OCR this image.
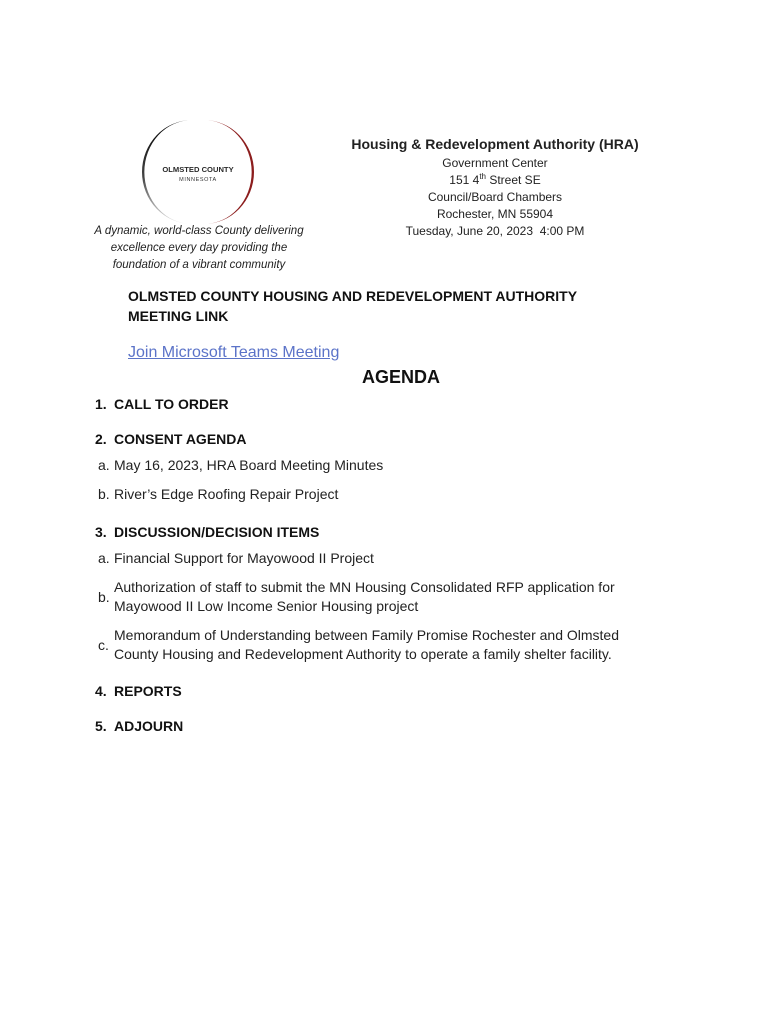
OLMSTED COUNTY
MINNESOTA
A dynamic, world-class County delivering
excellence every day providing the
foundation of a vibrant community
Housing & Redevelopment Authority (HRA)
Government Center
151 4th Street SE
Council/Board Chambers
Rochester, MN 55904
Tuesday, June 20, 2023  4:00 PM
OLMSTED COUNTY HOUSING AND REDEVELOPMENT AUTHORITY
MEETING LINK
Join Microsoft Teams Meeting
AGENDA
1. CALL TO ORDER
2. CONSENT AGENDA
a. May 16, 2023, HRA Board Meeting Minutes
b. River’s Edge Roofing Repair Project
3. DISCUSSION/DECISION ITEMS
a. Financial Support for Mayowood II Project
b.
Authorization of staff to submit the MN Housing Consolidated RFP application for
Mayowood II Low Income Senior Housing project
c.
Memorandum of Understanding between Family Promise Rochester and Olmsted
County Housing and Redevelopment Authority to operate a family shelter facility.
4. REPORTS
5. ADJOURN
